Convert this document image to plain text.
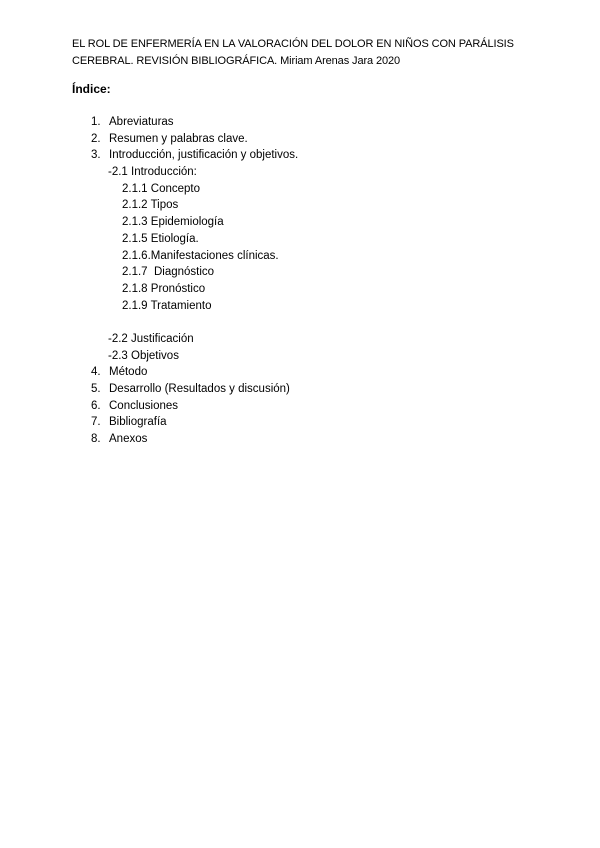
EL ROL DE ENFERMERÍA EN LA VALORACIÓN DEL DOLOR EN NIÑOS CON PARÁLISIS
CEREBRAL. REVISIÓN BIBLIOGRÁFICA. Miriam Arenas Jara 2020
Índice:
1. Abreviaturas
2. Resumen y palabras clave.
3. Introducción, justificación y objetivos.
-2.1 Introducción:
2.1.1 Concepto
2.1.2 Tipos
2.1.3 Epidemiología
2.1.5 Etiología.
2.1.6.Manifestaciones clínicas.
2.1.7  Diagnóstico
2.1.8 Pronóstico
2.1.9 Tratamiento
-2.2 Justificación
-2.3 Objetivos
4. Método
5. Desarrollo (Resultados y discusión)
6. Conclusiones
7. Bibliografía
8. Anexos
